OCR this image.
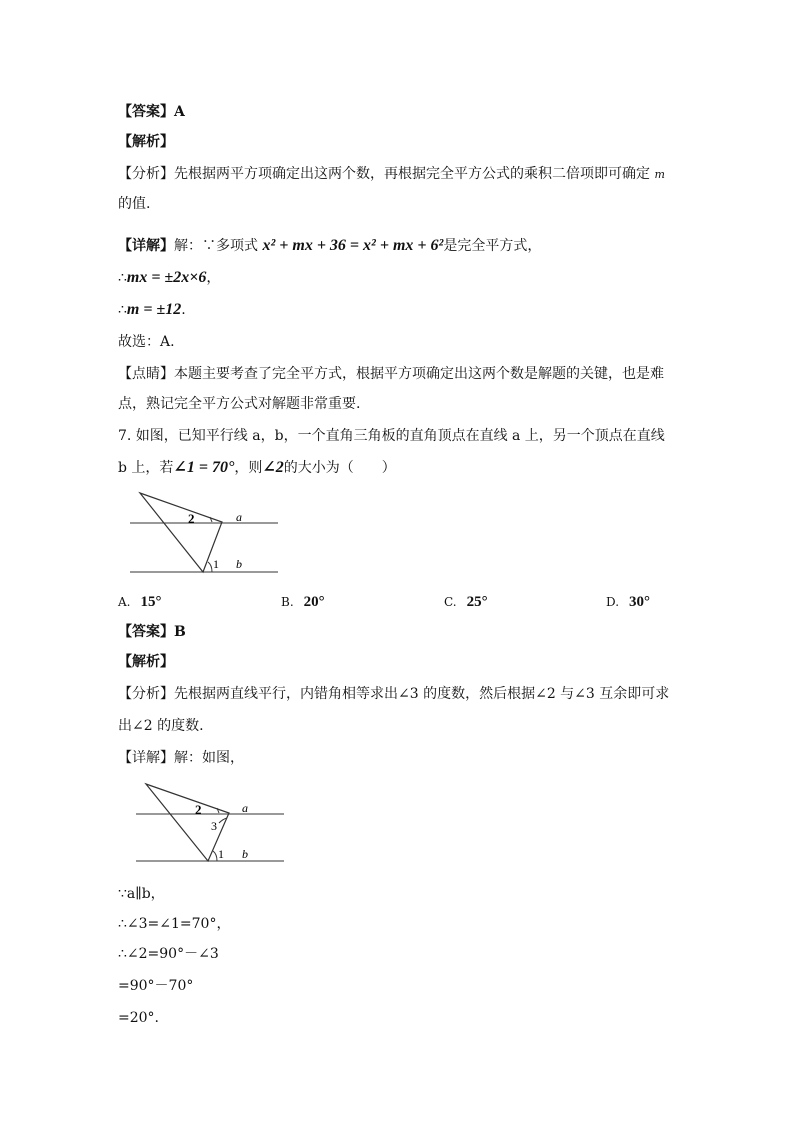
【答案】A
【解析】
【分析】先根据两平方项确定出这两个数，再根据完全平方公式的乘积二倍项即可确定 m
的值.
【详解】解：∵多项式 x² + mx + 36 = x² + mx + 6²是完全平方式，
∴mx = ±2x×6，
∴m = ±12.
故选：A.
【点睛】本题主要考查了完全平方式，根据平方项确定出这两个数是解题的关键，也是难
点，熟记完全平方公式对解题非常重要.
7. 如图，已知平行线 a，b，一个直角三角板的直角顶点在直线 a 上，另一个顶点在直线
b 上，若∠1 = 70°，则∠2的大小为（　　）
2	a
1 b
A. 15°	B. 20°	C. 25°	D. 30°
【答案】B
【解析】
【分析】先根据两直线平行，内错角相等求出∠3 的度数，然后根据∠2 与∠3 互余即可求
出∠2 的度数.
【详解】解：如图，
2	a
3
1 b
∵a∥b，
∴∠3=∠1=70°，
∴∠2=90°－∠3
=90°－70°
=20°.
